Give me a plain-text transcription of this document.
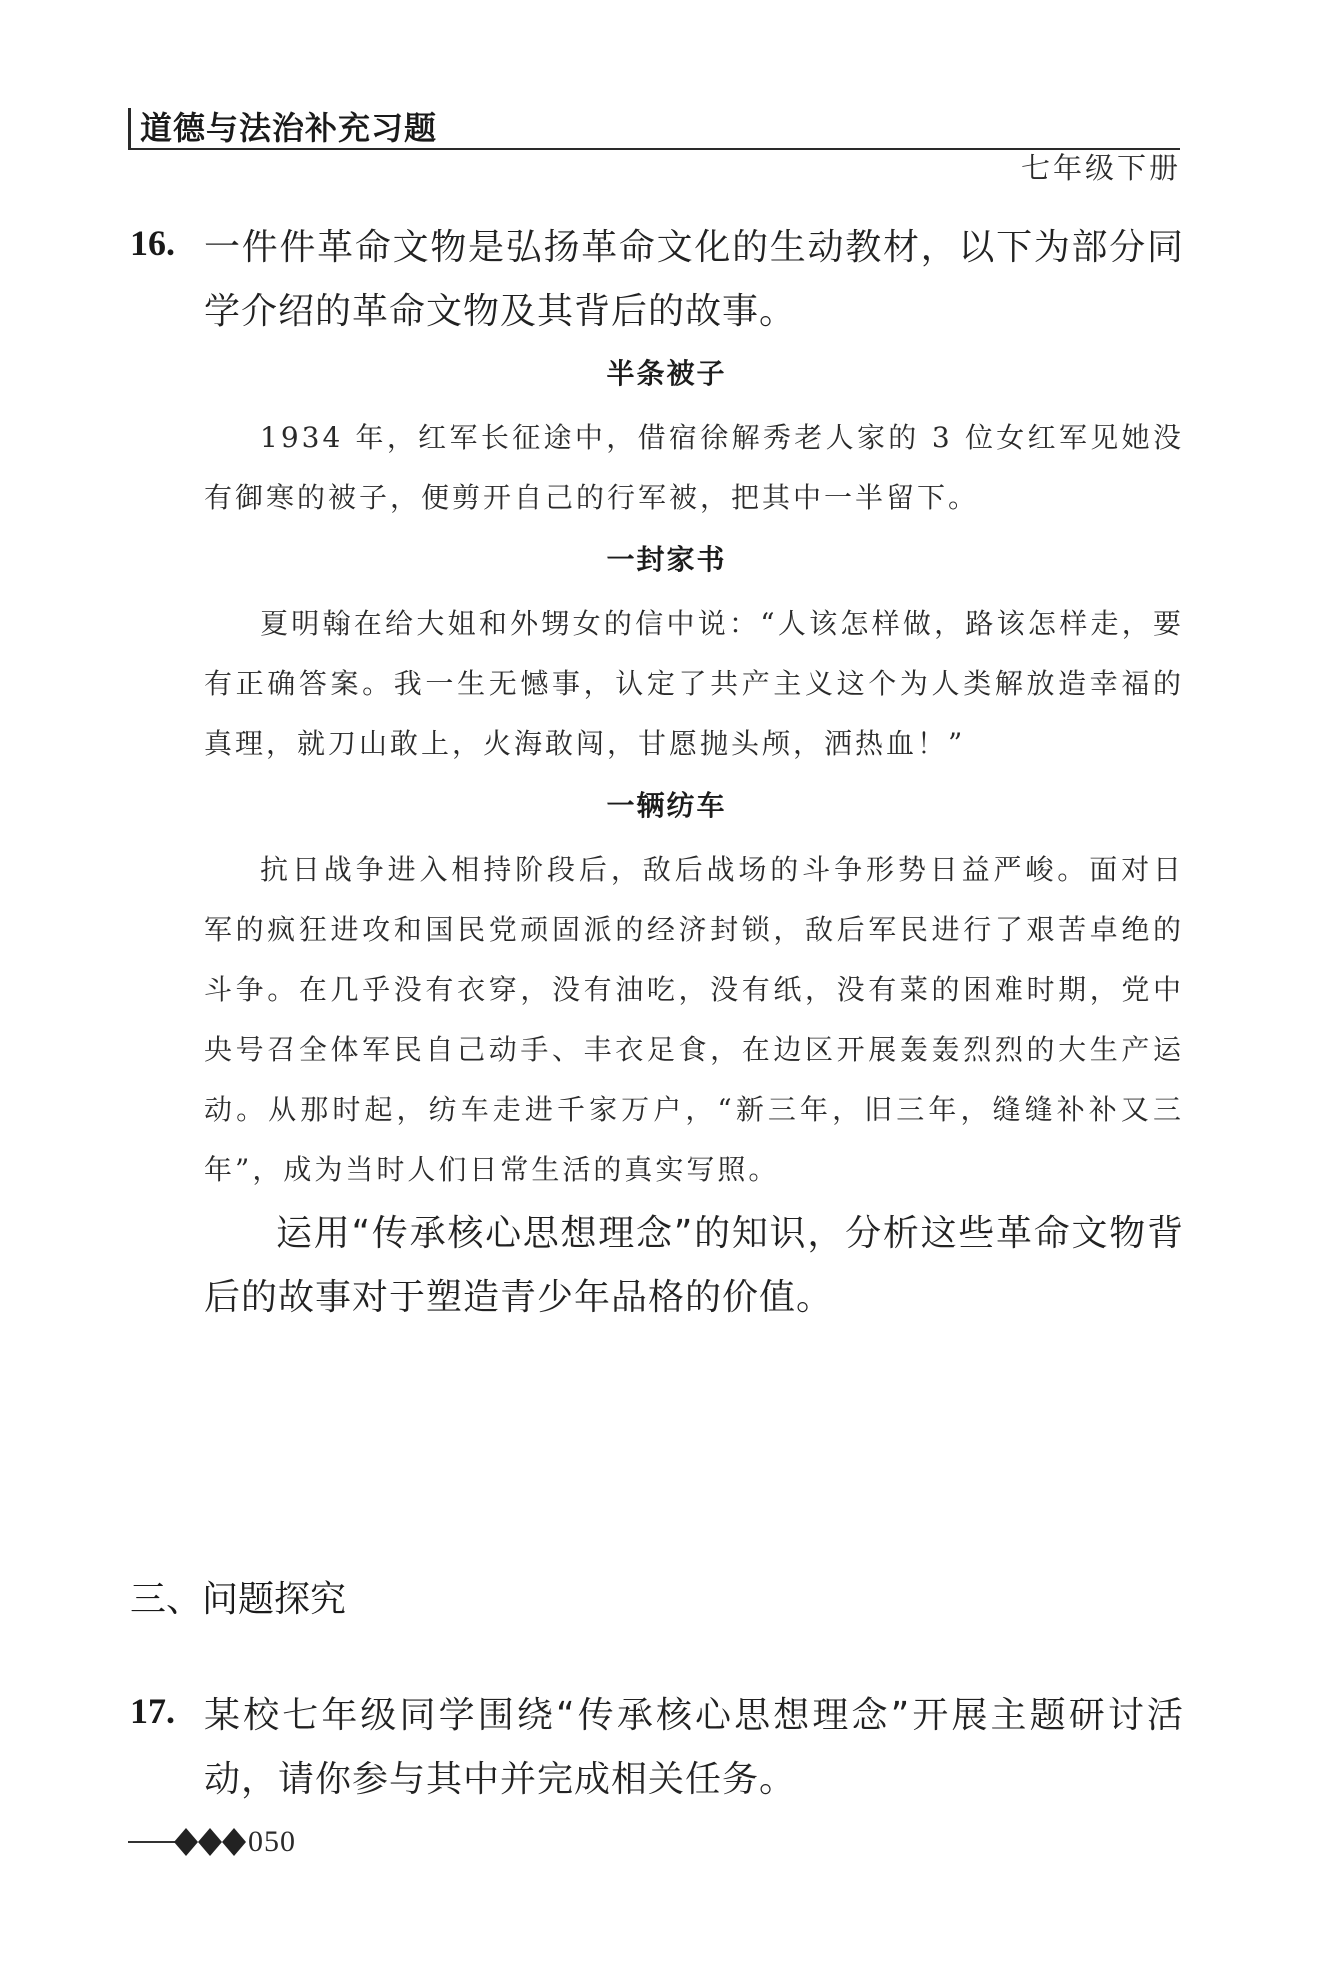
道德与法治补充习题
七年级下册
16. 一件件革命文物是弘扬革命文化的生动教材，以下为部分同学介绍的革命文物及其背后的故事。
半条被子
1934 年，红军长征途中，借宿徐解秀老人家的 3 位女红军见她没有御寒的被子，便剪开自己的行军被，把其中一半留下。
一封家书
夏明翰在给大姐和外甥女的信中说：“人该怎样做，路该怎样走，要有正确答案。我一生无憾事，认定了共产主义这个为人类解放造幸福的真理，就刀山敢上，火海敢闯，甘愿抛头颅，洒热血！”
一辆纺车
抗日战争进入相持阶段后，敌后战场的斗争形势日益严峻。面对日军的疯狂进攻和国民党顽固派的经济封锁，敌后军民进行了艰苦卓绝的斗争。在几乎没有衣穿，没有油吃，没有纸，没有菜的困难时期，党中央号召全体军民自己动手、丰衣足食，在边区开展轰轰烈烈的大生产运动。从那时起，纺车走进千家万户，“新三年，旧三年，缝缝补补又三年”，成为当时人们日常生活的真实写照。
运用“传承核心思想理念”的知识，分析这些革命文物背后的故事对于塑造青少年品格的价值。
三、问题探究
17. 某校七年级同学围绕“传承核心思想理念”开展主题研讨活动，请你参与其中并完成相关任务。
050
